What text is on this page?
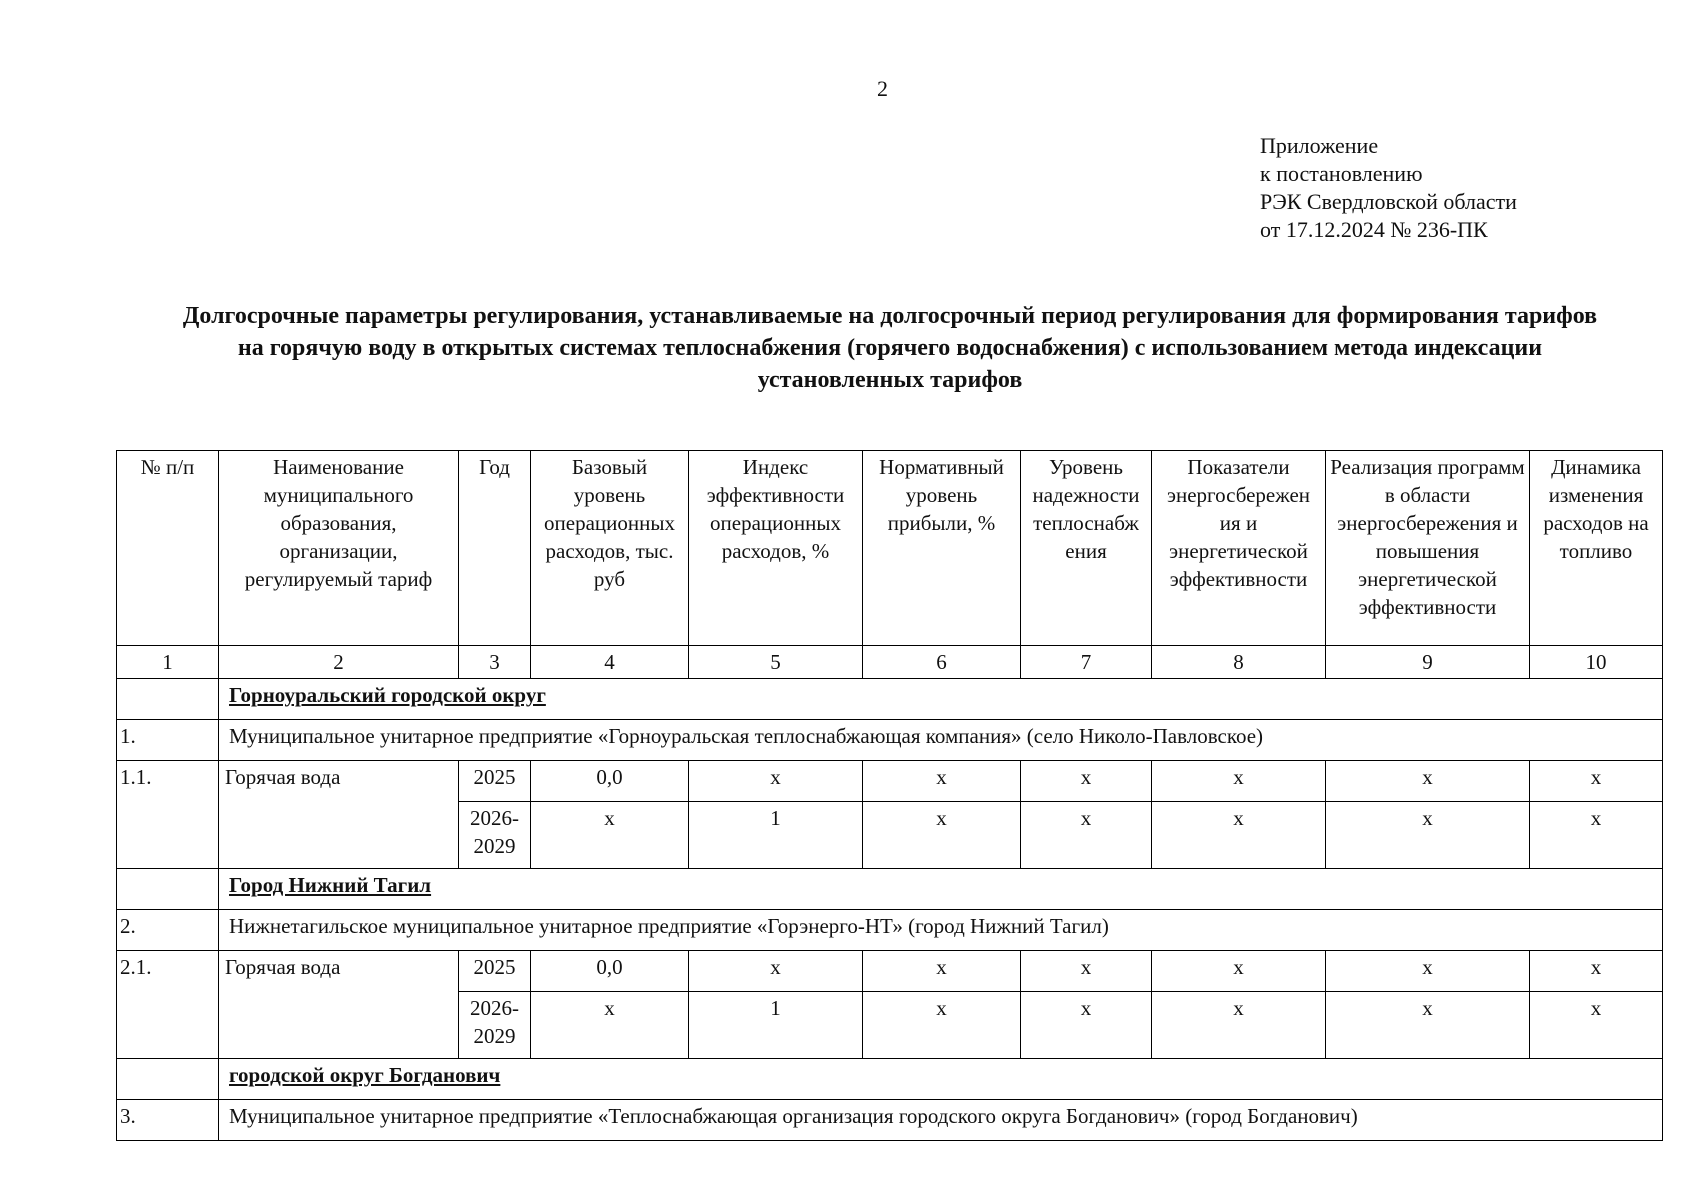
2
Приложение
к постановлению
РЭК Свердловской области
от 17.12.2024 № 236-ПК
Долгосрочные параметры регулирования, устанавливаемые на долгосрочный период регулирования для формирования тарифов на горячую воду в открытых системах теплоснабжения (горячего водоснабжения) с использованием метода индексации установленных тарифов
№ п/п	Наименование муниципального образования, организации, регулируемый тариф	Год	Базовый уровень операционных расходов, тыс. руб	Индекс эффективности операционных расходов, %	Нормативный уровень прибыли, %	Уровень надежности теплоснабж ения	Показатели энергосбережен ия и энергетической эффективности	Реализация программ в области энергосбережения и повышения энергетической эффективности	Динамика изменения расходов на топливо
1	2	3	4	5	6	7	8	9	10
	Горноуральский городской округ								
1.	Муниципальное унитарное предприятие «Горноуральская теплоснабжающая компания» (село Николо-Павловское)								
1.1.	Горячая вода	2025	0,0	x	x	x	x	x	x
		2026-2029	x	1	x	x	x	x	x
	Город Нижний Тагил								
2.	Нижнетагильское муниципальное унитарное предприятие «Горэнерго-НТ» (город Нижний Тагил)								
2.1.	Горячая вода	2025	0,0	x	x	x	x	x	x
		2026-2029	x	1	x	x	x	x	x
	городской округ Богданович								
3.	Муниципальное унитарное предприятие «Теплоснабжающая организация городского округа Богданович» (город Богданович)								
